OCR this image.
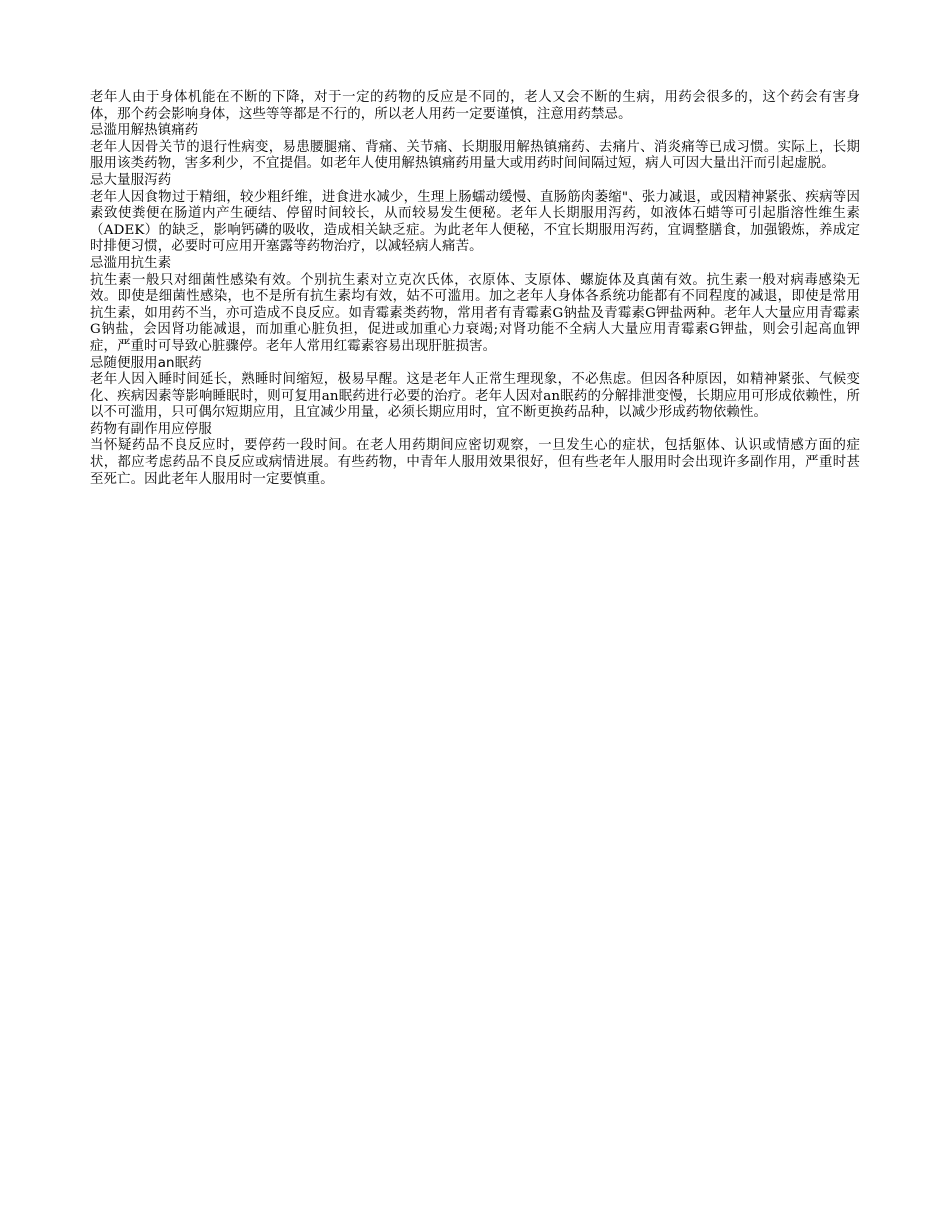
老年人由于身体机能在不断的下降，对于一定的药物的反应是不同的，老人又会不断的生病，用药会很多的，这个药会有害身体，那个药会影响身体，这些等等都是不行的，所以老人用药一定要谨慎，注意用药禁忌。

忌滥用解热镇痛药

老年人因骨关节的退行性病变，易患腰腿痛、背痛、关节痛、长期服用解热镇痛药、去痛片、消炎痛等已成习惯。实际上，长期服用该类药物，害多利少，不宜提倡。如老年人使用解热镇痛药用量大或用药时间间隔过短，病人可因大量出汗而引起虚脱。

忌大量服泻药

老年人因食物过于精细，较少粗纤维，进食进水减少，生理上肠蠕动缓慢、直肠筋肉萎缩"、张力减退，或因精神紧张、疾病等因素致使粪便在肠道内产生硬结、停留时间较长，从而较易发生便秘。老年人长期服用泻药，如液体石蜡等可引起脂溶性维生素（ADEK）的缺乏，影响钙磷的吸收，造成相关缺乏症。为此老年人便秘，不宜长期服用泻药，宜调整膳食，加强锻炼，养成定时排便习惯，必要时可应用开塞露等药物治疗，以减轻病人痛苦。

忌滥用抗生素

抗生素一般只对细菌性感染有效。个别抗生素对立克次氏体，衣原体、支原体、螺旋体及真菌有效。抗生素一般对病毒感染无效。即使是细菌性感染，也不是所有抗生素均有效，姑不可滥用。加之老年人身体各系统功能都有不同程度的减退，即使是常用抗生素，如用药不当，亦可造成不良反应。如青霉素类药物，常用者有青霉素G钠盐及青霉素G钾盐两种。老年人大量应用青霉素G钠盐，会因肾功能减退，而加重心脏负担，促进或加重心力衰竭;对肾功能不全病人大量应用青霉素G钾盐，则会引起高血钾症，严重时可导致心脏骤停。老年人常用红霉素容易出现肝脏损害。

忌随便服用an眠药

老年人因入睡时间延长，熟睡时间缩短，极易早醒。这是老年人正常生理现象，不必焦虑。但因各种原因，如精神紧张、气候变化、疾病因素等影响睡眠时，则可复用an眠药进行必要的治疗。老年人因对an眠药的分解排泄变慢，长期应用可形成依赖性，所以不可滥用，只可偶尔短期应用，且宜减少用量，必须长期应用时，宜不断更换药品种，以减少形成药物依赖性。

药物有副作用应停服

当怀疑药品不良反应时，要停药一段时间。在老人用药期间应密切观察，一旦发生心的症状，包括躯体、认识或情感方面的症状，都应考虑药品不良反应或病情进展。有些药物，中青年人服用效果很好，但有些老年人服用时会出现许多副作用，严重时甚至死亡。因此老年人服用时一定要慎重。
